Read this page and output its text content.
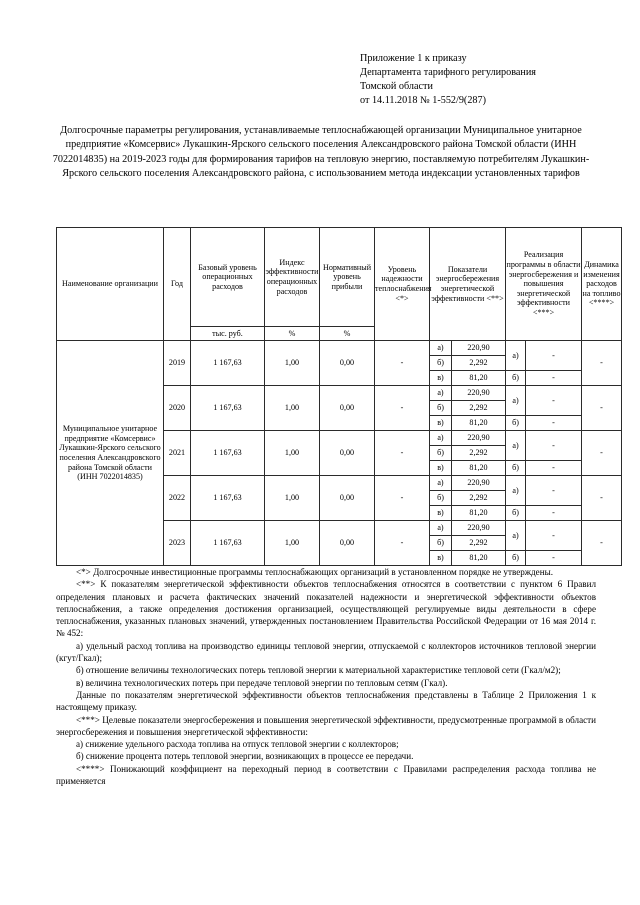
Приложение 1 к приказу
Департамента тарифного регулирования
Томской области
от 14.11.2018 № 1-552/9(287)
Долгосрочные параметры регулирования, устанавливаемые теплоснабжающей организации Муниципальное унитарное предприятие «Комсервис» Лукашкин-Ярского сельского поселения Александровского района Томской области (ИНН 7022014835) на 2019-2023 годы для формирования тарифов на тепловую энергию, поставляемую потребителям Лукашкин-Ярского сельского поселения Александровского района, с использованием метода индексации установленных тарифов
Наименование организации	Год	Базовый уровень операционных расходов	Индекс эффективности операционных расходов	Нормативный уровень прибыли	Уровень надежности теплоснабжения <*>	Показатели энергосбережения энергетической эффективности <**>		Реализация программы в области энергосбережения и повышения энергетической эффективности <***>		Динамика изменения расходов на топливо <****>
		тыс. руб.	%	%						
Муниципальное унитарное предприятие «Комсервис» Лукашкин-Ярского сельского поселения Александровского района Томской области (ИНН 7022014835)	2019	1 167,63	1,00	0,00	-	а)	220,90	а)	-	-
						б)	2,292			
						в)	81,20	б)	-	
	2020	1 167,63	1,00	0,00	-	а)	220,90	а)	-	-
						б)	2,292			
						в)	81,20	б)	-	
	2021	1 167,63	1,00	0,00	-	а)	220,90	а)	-	-
						б)	2,292			
						в)	81,20	б)	-	
	2022	1 167,63	1,00	0,00	-	а)	220,90	а)	-	-
						б)	2,292			
						в)	81,20	б)	-	
	2023	1 167,63	1,00	0,00	-	а)	220,90	а)	-	-
						б)	2,292			
						в)	81,20	б)	-	

<*> Долгосрочные инвестиционные программы теплоснабжающих организаций в установленном порядке не утверждены.

<**> К показателям энергетической эффективности объектов теплоснабжения относятся в соответствии с пунктом 6 Правил определения плановых и расчета фактических значений показателей надежности и энергетической эффективности объектов теплоснабжения, а также определения достижения организацией, осуществляющей регулируемые виды деятельности в сфере теплоснабжения, указанных плановых значений, утвержденных постановлением Правительства Российской Федерации от 16 мая 2014 г. № 452:

а) удельный расход топлива на производство единицы тепловой энергии, отпускаемой с коллекторов источников тепловой энергии (кгут/Гкал);

б) отношение величины технологических потерь тепловой энергии к материальной характеристике тепловой сети (Гкал/м2);

в) величина технологических потерь при передаче тепловой энергии по тепловым сетям (Гкал).

Данные по показателям энергетической эффективности объектов теплоснабжения представлены в Таблице 2 Приложения 1 к настоящему приказу.

<***> Целевые показатели энергосбережения и повышения энергетической эффективности, предусмотренные программой в области энергосбережения и повышения энергетической эффективности:

а) снижение удельного расхода топлива на отпуск тепловой энергии с коллекторов;

б) снижение процента потерь тепловой энергии, возникающих в процессе ее передачи.

<****> Понижающий коэффициент на переходный период в соответствии с Правилами распределения расхода топлива не применяется
